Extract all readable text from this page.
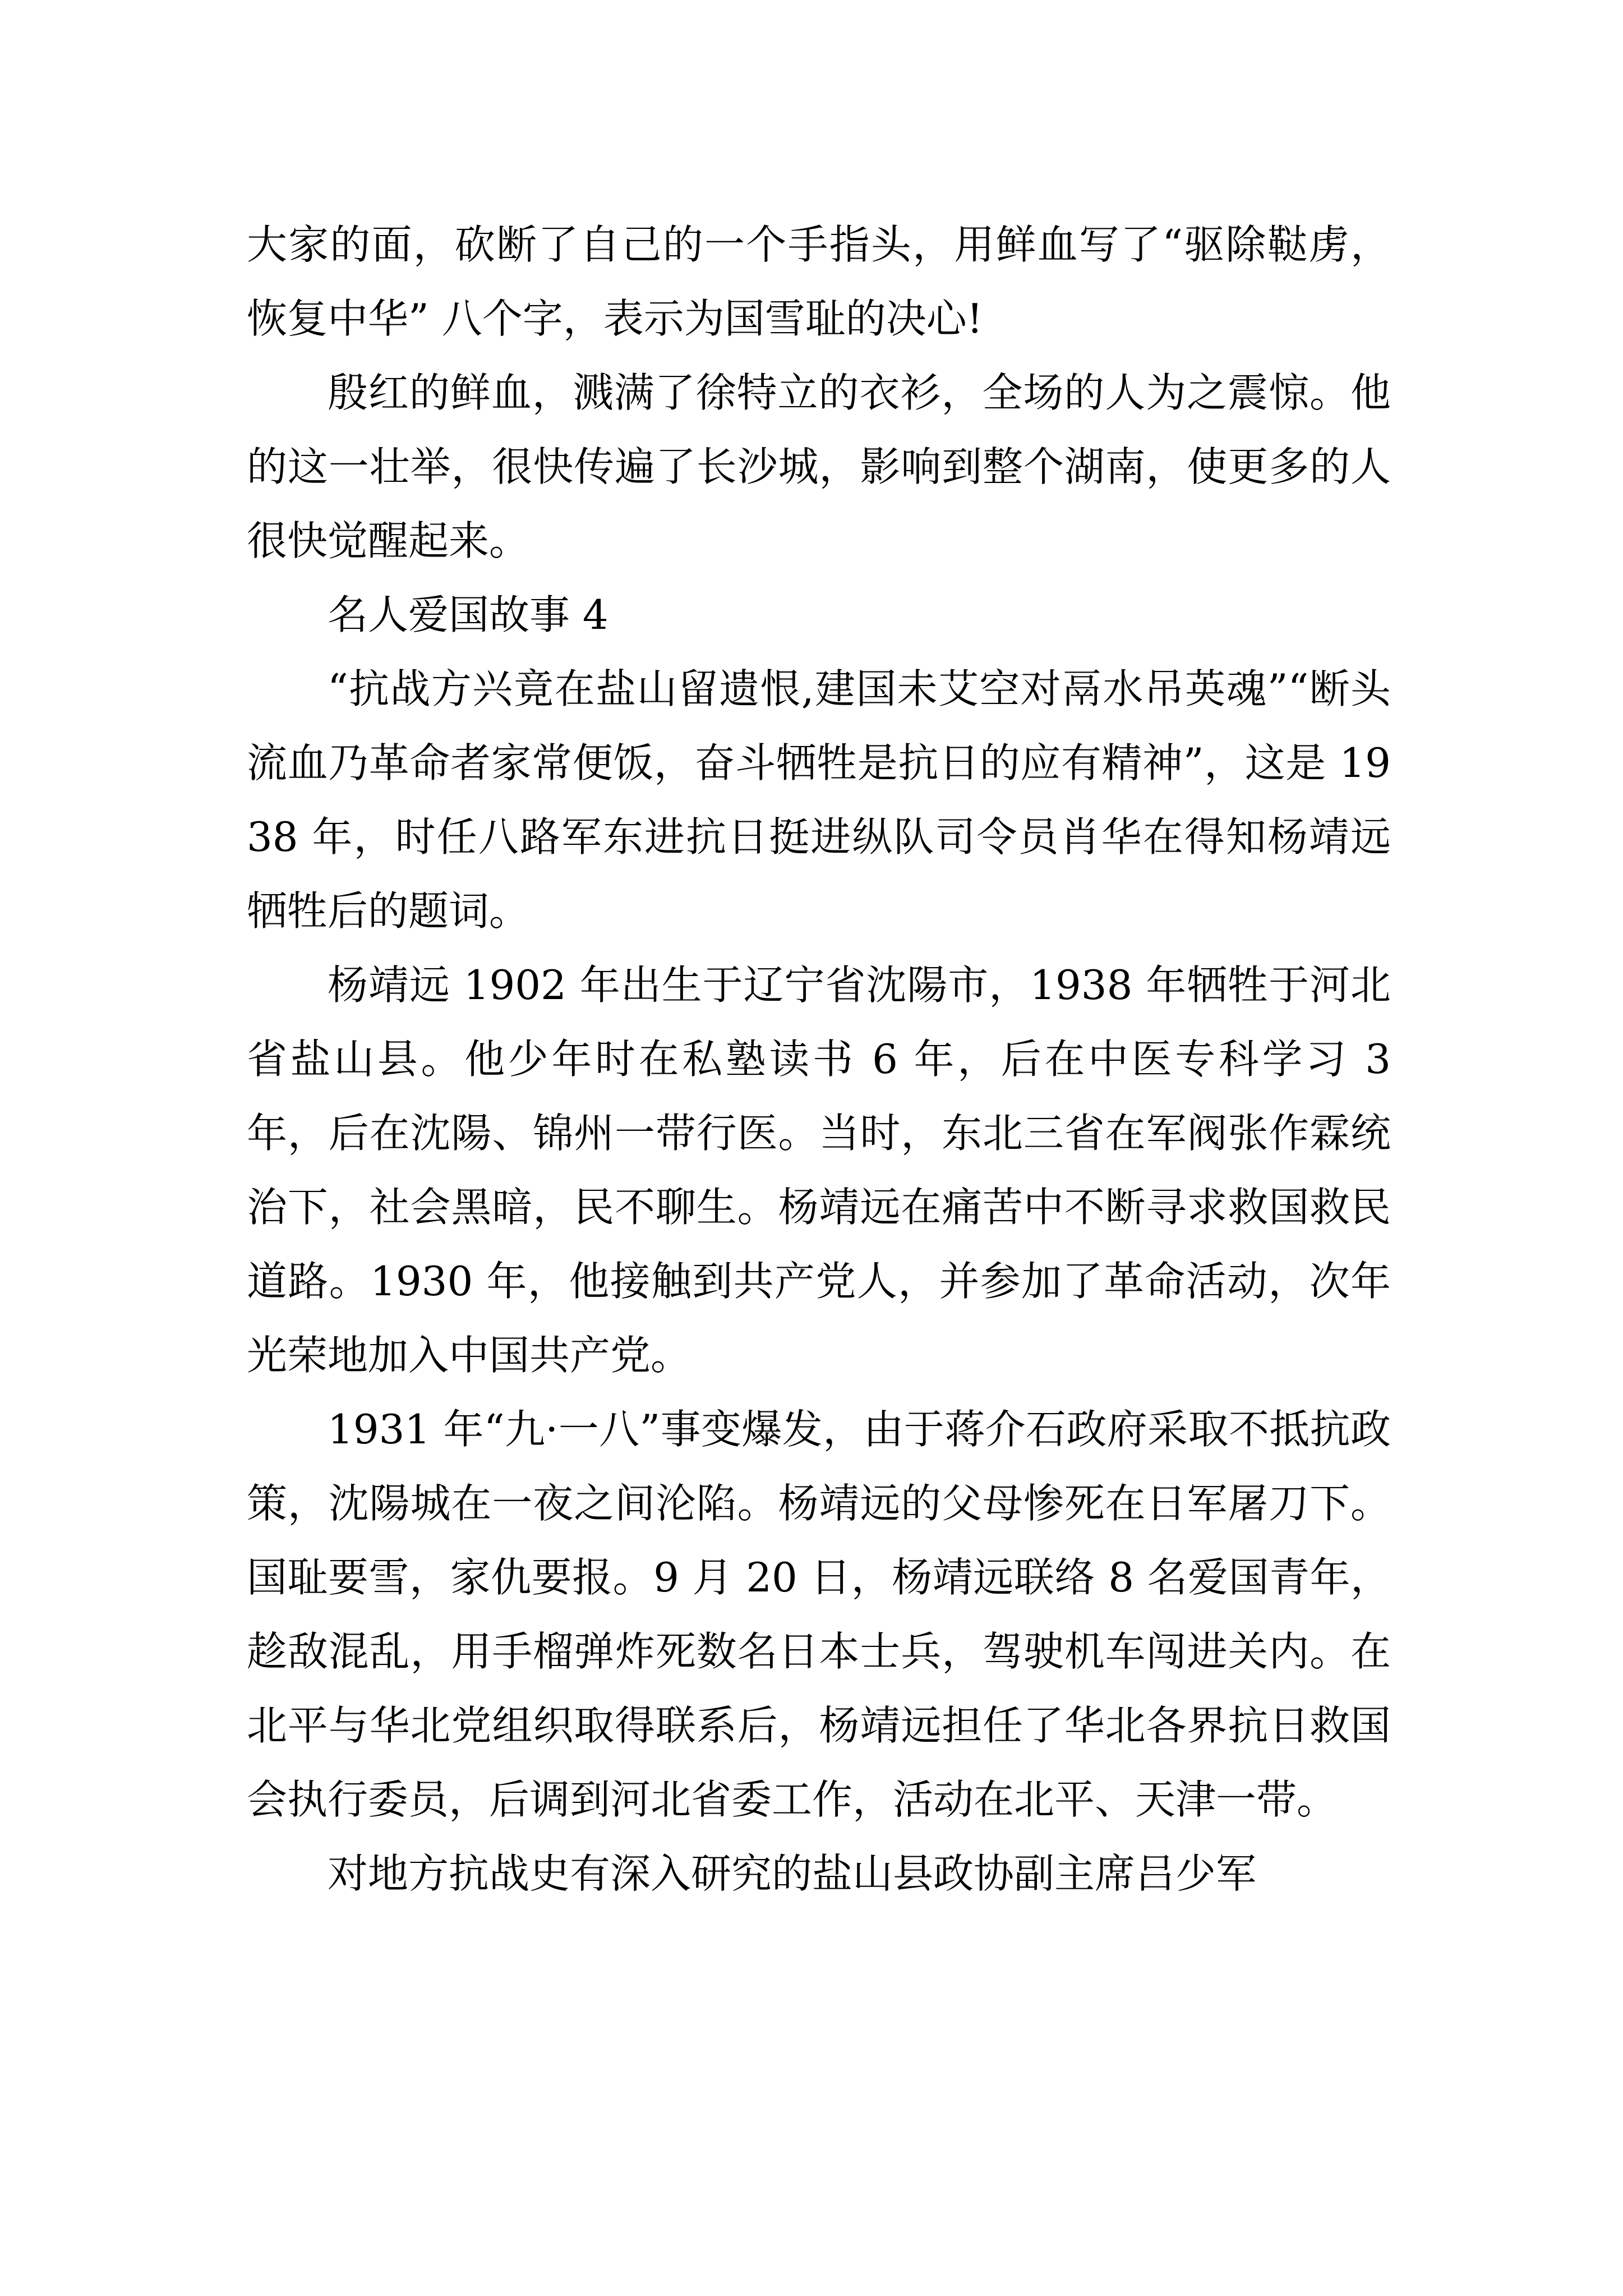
大家的面，砍断了自己的一个手指头，用鲜血写了“驱除鞑虏，恢复中华” 八个字，表示为国雪耻的决心!

殷红的鲜血，溅满了徐特立的衣衫，全场的人为之震惊。他的这一壮举，很快传遍了长沙城，影响到整个湖南，使更多的人很快觉醒起来。

名人爱国故事 4

“抗战方兴竟在盐山留遗恨,建国未艾空对鬲水吊英魂”“断头流血乃革命者家常便饭，奋斗牺牲是抗日的应有精神”，这是 1938 年，时任八路军东进抗日挺进纵队司令员肖华在得知杨靖远牺牲后的题词。

杨靖远 1902 年出生于辽宁省沈陽市，1938 年牺牲于河北省盐山县。他少年时在私塾读书 6 年，后在中医专科学习 3 年，后在沈陽、锦州一带行医。当时，东北三省在军阀张作霖统治下，社会黑暗，民不聊生。杨靖远在痛苦中不断寻求救国救民道路。1930 年，他接触到共产党人，并参加了革命活动，次年光荣地加入中国共产党。

1931 年“九·一八”事变爆发，由于蒋介石政府采取不抵抗政策，沈陽城在一夜之间沦陷。杨靖远的父母惨死在日军屠刀下。国耻要雪，家仇要报。9 月 20 日，杨靖远联络 8 名爱国青年，趁敌混乱，用手榴弹炸死数名日本士兵，驾驶机车闯进关内。在北平与华北党组织取得联系后，杨靖远担任了华北各界抗日救国会执行委员，后调到河北省委工作，活动在北平、天津一带。

对地方抗战史有深入研究的盐山县政协副主席吕少军
